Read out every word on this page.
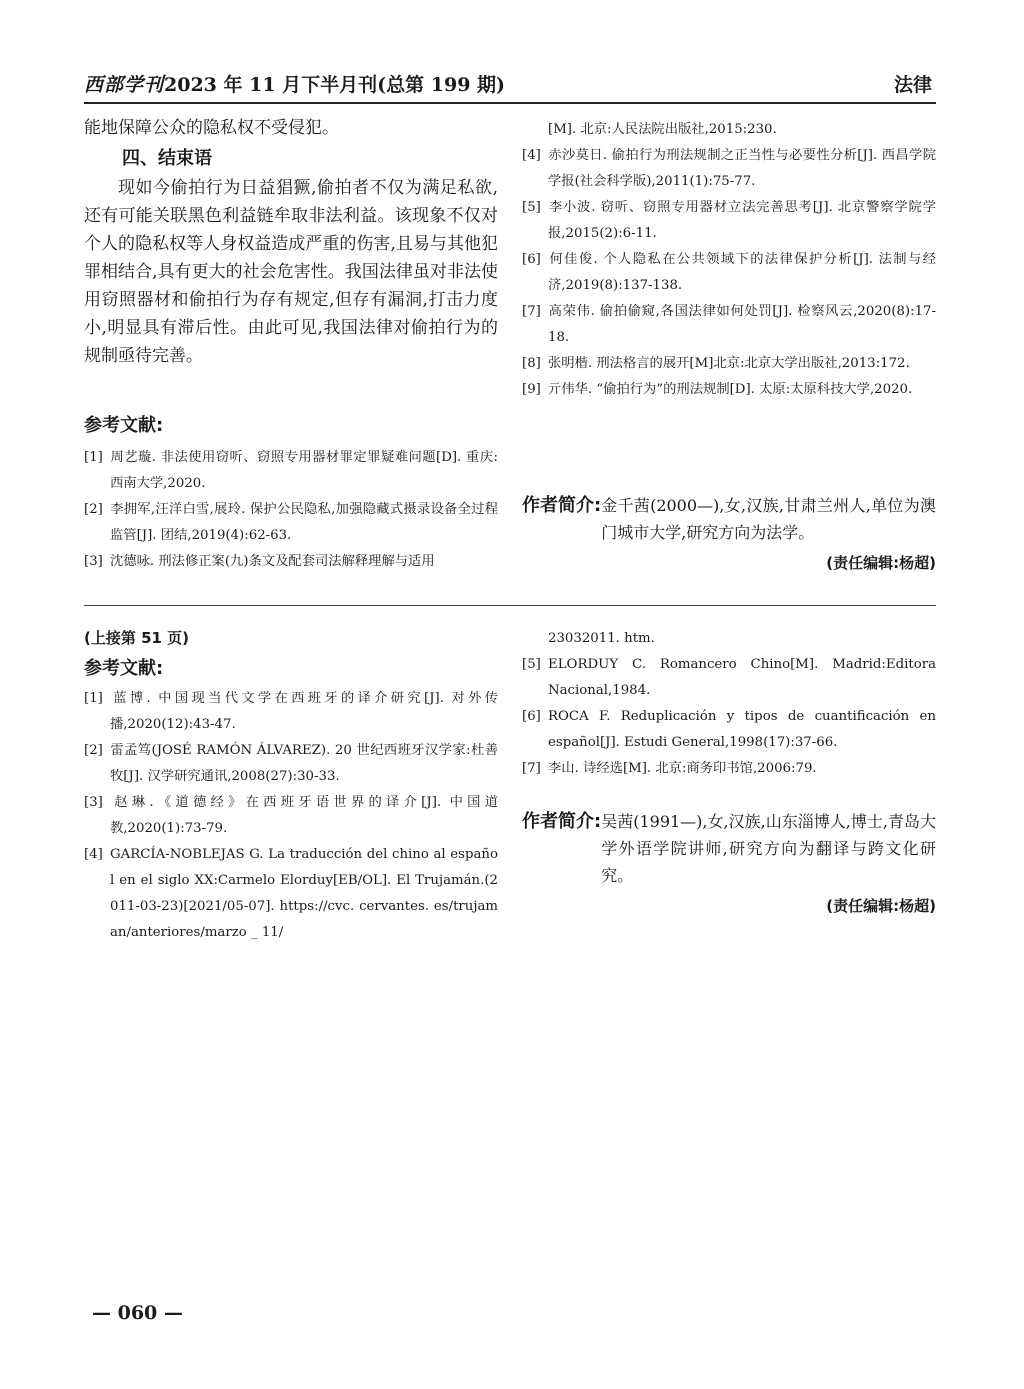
西部学刊2023 年 11 月下半月刊(总第 199 期)	法律

能地保障公众的隐私权不受侵犯。

四、结束语

现如今偷拍行为日益猖獗,偷拍者不仅为满足私欲,还有可能关联黑色利益链牟取非法利益。该现象不仅对个人的隐私权等人身权益造成严重的伤害,且易与其他犯罪相结合,具有更大的社会危害性。我国法律虽对非法使用窃照器材和偷拍行为存有规定,但存有漏洞,打击力度小,明显具有滞后性。由此可见,我国法律对偷拍行为的规制亟待完善。

参考文献:
[1] 周艺璇. 非法使用窃听、窃照专用器材罪定罪疑难问题[D]. 重庆:西南大学,2020.
[2] 李拥军,汪洋白雪,展玲. 保护公民隐私,加强隐藏式摄录设备全过程监管[J]. 团结,2019(4):62-63.
[3] 沈德咏. 刑法修正案(九)条文及配套司法解释理解与适用

[M]. 北京:人民法院出版社,2015:230.

[4] 赤沙莫日. 偷拍行为刑法规制之正当性与必要性分析[J]. 西昌学院学报(社会科学版),2011(1):75-77.
[5] 李小波. 窃听、窃照专用器材立法完善思考[J]. 北京警察学院学报,2015(2):6-11.
[6] 何佳俊. 个人隐私在公共领域下的法律保护分析[J]. 法制与经济,2019(8):137-138.
[7] 高荣伟. 偷拍偷窥,各国法律如何处罚[J]. 检察风云,2020(8):17-18.
[8] 张明楷. 刑法格言的展开[M]北京:北京大学出版社,2013:172.
[9] 亓伟华. “偷拍行为”的刑法规制[D]. 太原:太原科技大学,2020.

作者简介: 金千茜(2000—),女,汉族,甘肃兰州人,单位为澳门城市大学,研究方向为法学。

(责任编辑:杨超)

(上接第 51 页)

参考文献:
[1] 蓝博. 中国现当代文学在西班牙的译介研究[J]. 对外传播,2020(12):43-47.
[2] 雷孟笃(JOSÉ RAMÓN ÁLVAREZ). 20 世纪西班牙汉学家:杜善牧[J]. 汉学研究通讯,2008(27):30-33.
[3] 赵琳.《道德经》在西班牙语世界的译介[J]. 中国道教,2020(1):73-79.
[4] GARCÍA-NOBLEJAS G. La traducción del chino al español en el siglo XX:Carmelo Elorduy[EB/OL]. El Trujamán.(2011-03-23)[2021/05-07]. https://cvc. cervantes. es/trujaman/anteriores/marzo _ 11/

23032011. htm.

[5] ELORDUY C. Romancero Chino[M]. Madrid:Editora Nacional,1984.
[6] ROCA F. Reduplicación y tipos de cuantificación en español[J]. Estudi General,1998(17):37-66.
[7] 李山. 诗经选[M]. 北京:商务印书馆,2006:79.

作者简介: 吴茜(1991—),女,汉族,山东淄博人,博士,青岛大学外语学院讲师,研究方向为翻译与跨文化研究。

(责任编辑:杨超)

— 060 —
